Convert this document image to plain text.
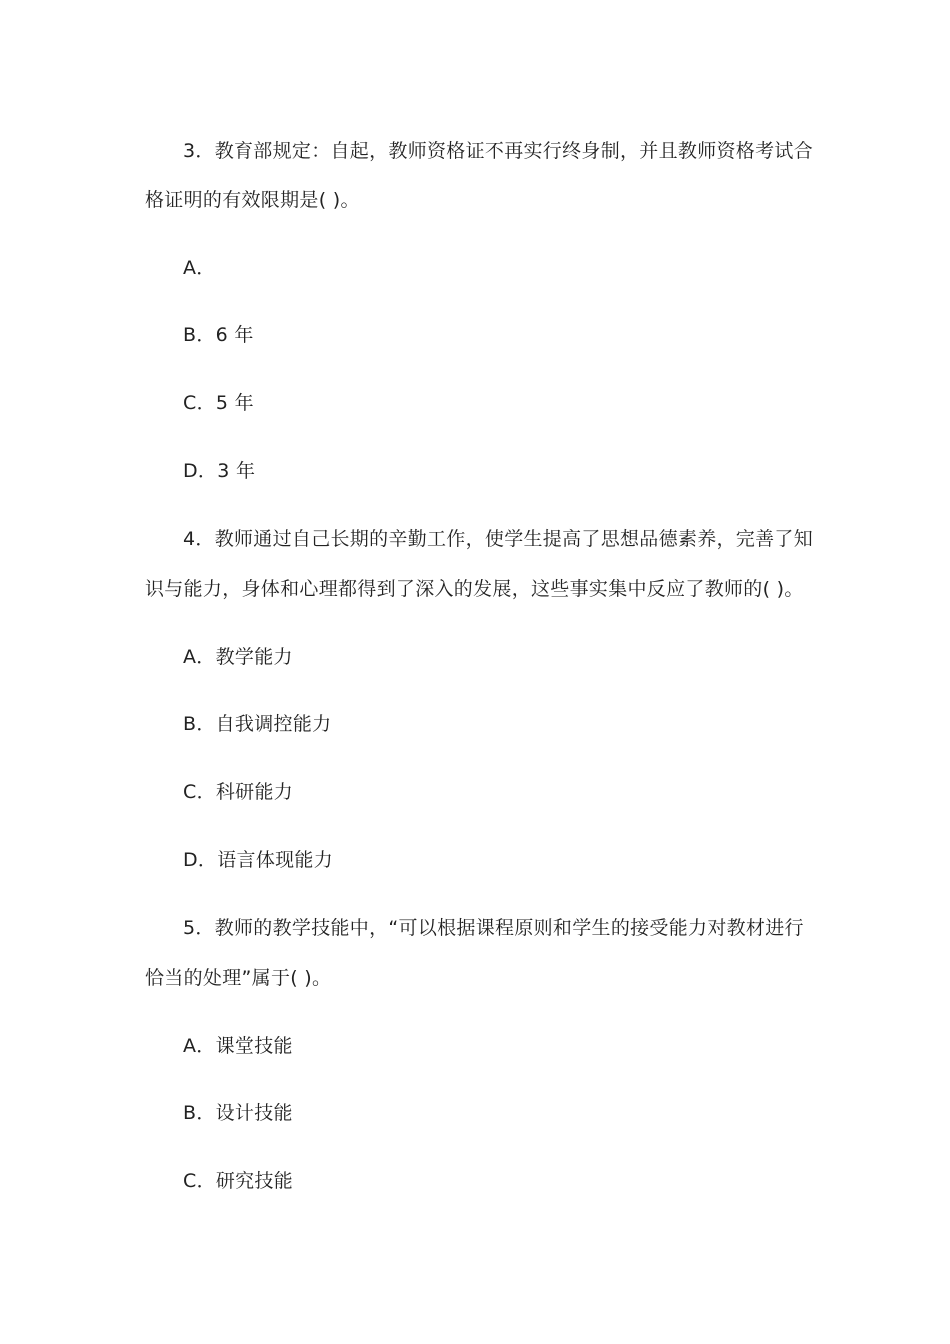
3．教育部规定：自起，教师资格证不再实行终身制，并且教师资格考试合
格证明的有效限期是( )。
A．
B．6 年
C．5 年
D．3 年
4．教师通过自己长期的辛勤工作，使学生提高了思想品德素养，完善了知
识与能力，身体和心理都得到了深入的发展，这些事实集中反应了教师的( )。
A．教学能力
B．自我调控能力
C．科研能力
D．语言体现能力
5．教师的教学技能中，“可以根据课程原则和学生的接受能力对教材进行
恰当的处理”属于( )。
A．课堂技能
B．设计技能
C．研究技能
